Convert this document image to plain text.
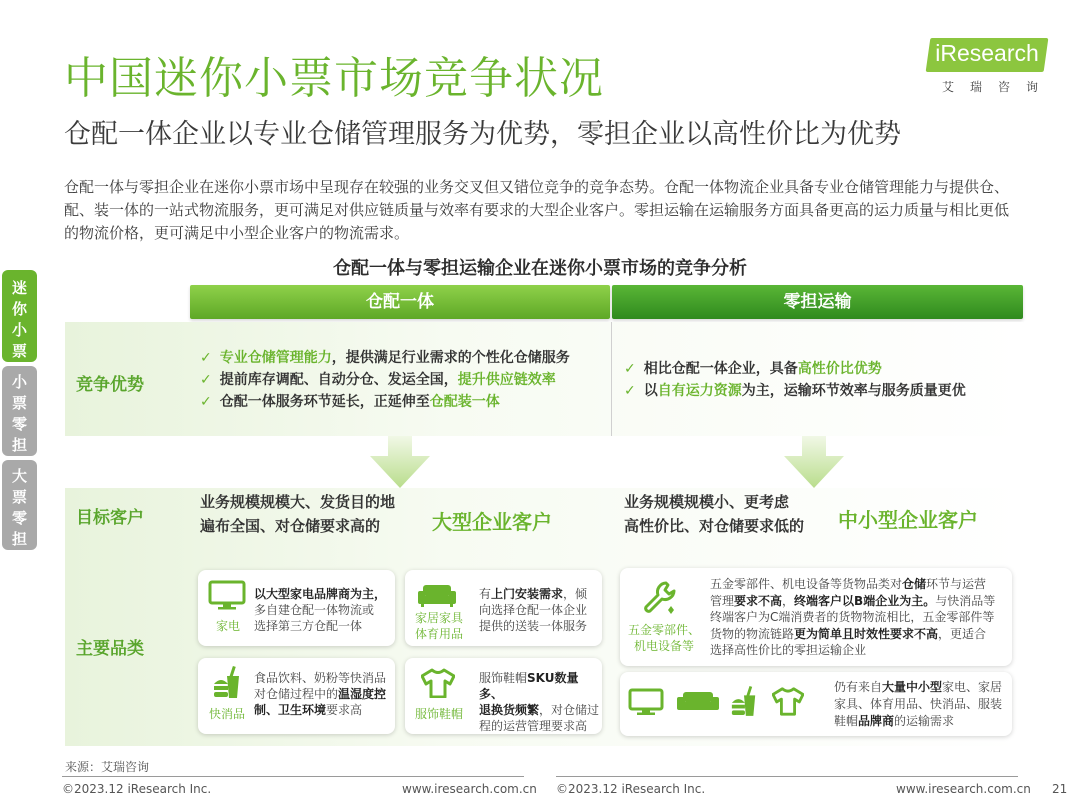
中国迷你小票市场竞争状况
仓配一体企业以专业仓储管理服务为优势，零担企业以高性价比为优势
iResearch
艾瑞咨询
仓配一体与零担企业在迷你小票市场中呈现存在较强的业务交叉但又错位竞争的竞争态势。仓配一体物流企业具备专业仓储管理能力与提供仓、配、装一体的一站式物流服务，更可满足对供应链质量与效率有要求的大型企业客户。零担运输在运输服务方面具备更高的运力质量与相比更低的物流价格，更可满足中小型企业客户的物流需求。
仓配一体与零担运输企业在迷你小票市场的竞争分析
迷
你
小
票
小
票
零
担
大
票
零
担
仓配一体	零担运输
竞争优势
✓ 专业仓储管理能力，提供满足行业需求的个性化仓储服务
✓ 提前库存调配、自动分仓、发运全国，提升供应链效率
✓ 仓配一体服务环节延长，正延伸至仓配装一体
✓ 相比仓配一体企业，具备高性价比优势
✓ 以自有运力资源为主，运输环节效率与服务质量更优
目标客户
业务规模规模大、发货目的地
遍布全国、对仓储要求高的	大型企业客户
业务规模规模小、更考虑
高性价比、对仓储要求低的 中小型企业客户
主要品类
家电
以大型家电品牌商为主，
多自建仓配一体物流或
选择第三方仓配一体
家居家具
体育用品
有上门安装需求，倾
向选择仓配一体企业
提供的送装一体服务
快消品
食品饮料、奶粉等快消品
对仓储过程中的温湿度控
制、卫生环境要求高	服饰鞋帽
服饰鞋帽SKU数量多、
退换货频繁，对仓储过
程的运营管理要求高
五金零部件、
机电设备等
五金零部件、机电设备等货物品类对仓储环节与运营
管理要求不高，终端客户以B端企业为主。与快消品等
终端客户为C端消费者的货物物流相比，五金零部件等
货物的物流链路更为简单且时效性要求不高，更适合
选择高性价比的零担运输企业
仍有来自大量中小型家电、家居
家具、体育用品、快消品、服装
鞋帽品牌商的运输需求
来源：艾瑞咨询
©2023.12 iResearch Inc.	www.iresearch.com.cn ©2023.12 iResearch Inc.	www.iresearch.com.cn 21
